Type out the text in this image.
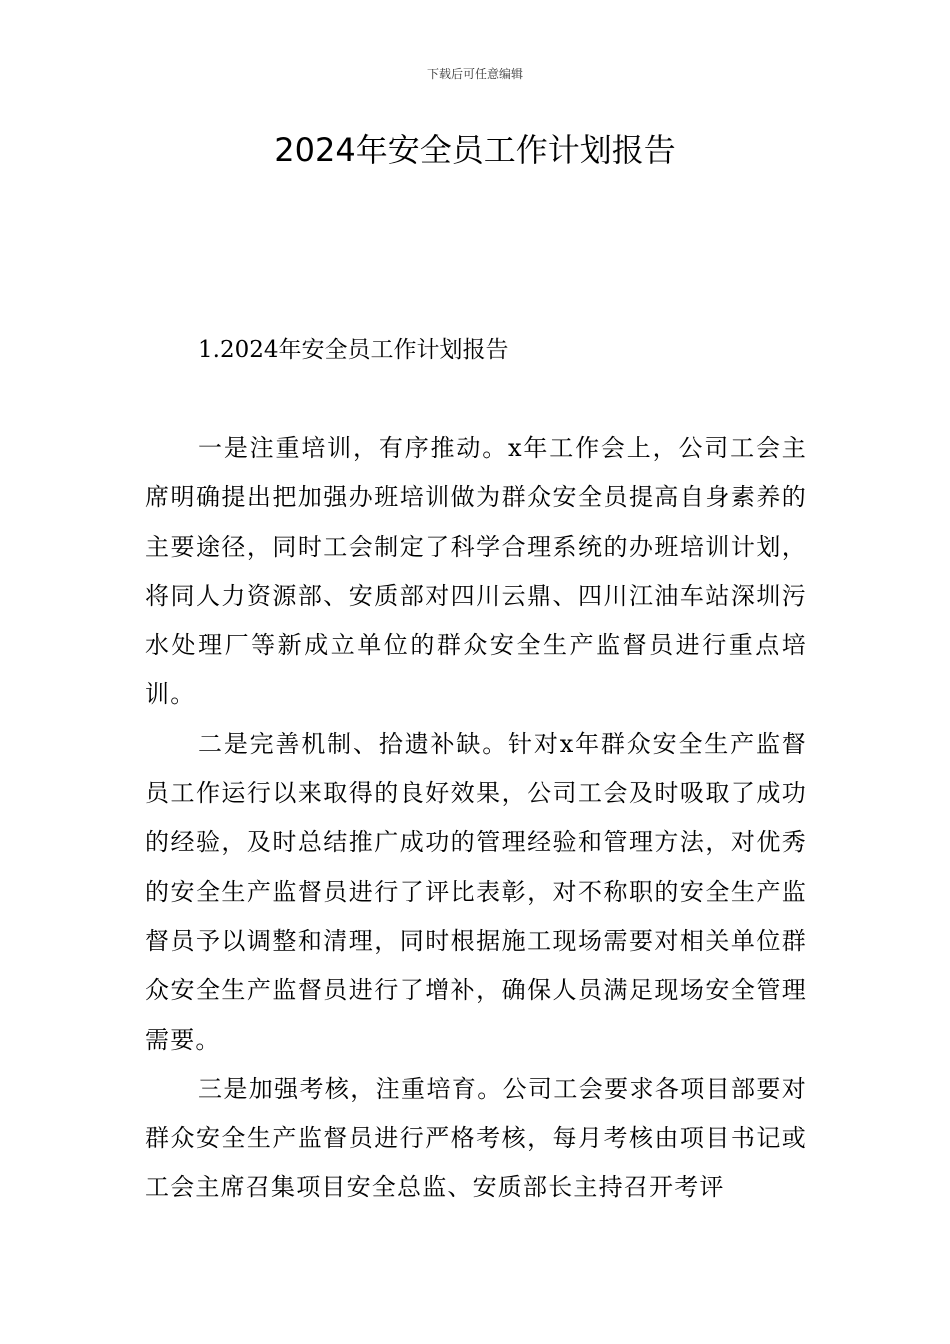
下载后可任意编辑
2024年安全员工作计划报告
1.2024年安全员工作计划报告

一是注重培训，有序推动。x年工作会上，公司工会主席明确提出把加强办班培训做为群众安全员提高自身素养的主要途径，同时工会制定了科学合理系统的办班培训计划，将同人力资源部、安质部对四川云鼎、四川江油车站深圳污水处理厂等新成立单位的群众安全生产监督员进行重点培训。

二是完善机制、拾遗补缺。针对x年群众安全生产监督员工作运行以来取得的良好效果，公司工会及时吸取了成功的经验，及时总结推广成功的管理经验和管理方法，对优秀的安全生产监督员进行了评比表彰，对不称职的安全生产监督员予以调整和清理，同时根据施工现场需要对相关单位群众安全生产监督员进行了增补，确保人员满足现场安全管理需要。

三是加强考核，注重培育。公司工会要求各项目部要对群众安全生产监督员进行严格考核，每月考核由项目书记或工会主席召集项目安全总监、安质部长主持召开考评
